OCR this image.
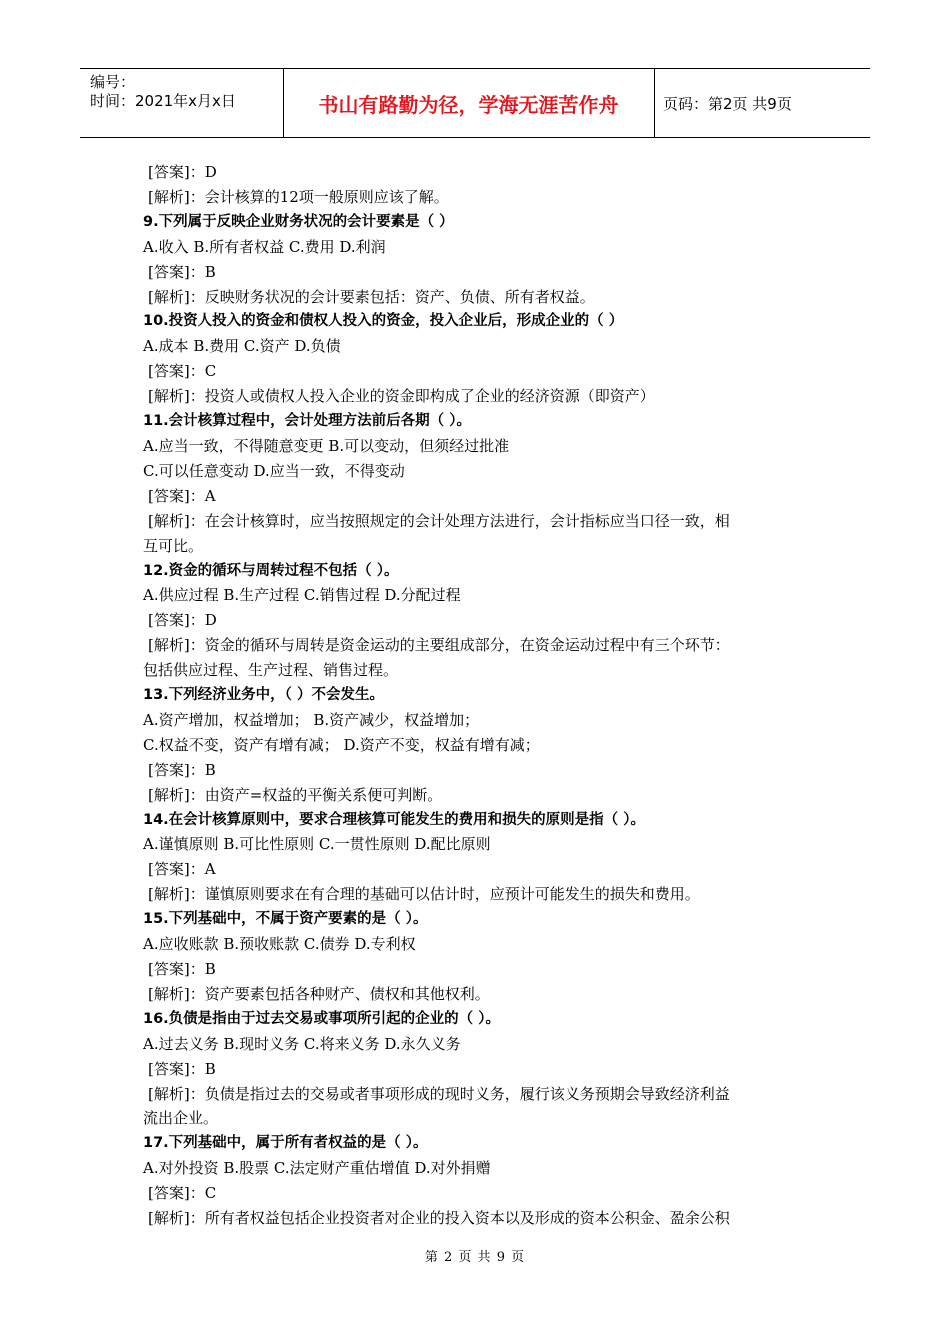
编号：
时间：2021年x月x日	书山有路勤为径，学海无涯苦作舟	页码：第2页 共9页
[答案]：D
[解析]：会计核算的12项一般原则应该了解。
9.下列属于反映企业财务状况的会计要素是（ ）
A.收入 B.所有者权益 C.费用 D.利润
[答案]：B
[解析]：反映财务状况的会计要素包括：资产、负债、所有者权益。
10.投资人投入的资金和债权人投入的资金，投入企业后，形成企业的（ ）
A.成本 B.费用 C.资产 D.负债
[答案]：C
[解析]：投资人或债权人投入企业的资金即构成了企业的经济资源（即资产）
11.会计核算过程中，会计处理方法前后各期（ ）。
A.应当一致，不得随意变更 B.可以变动，但须经过批准
C.可以任意变动 D.应当一致，不得变动
[答案]：A
[解析]：在会计核算时，应当按照规定的会计处理方法进行，会计指标应当口径一致，相
互可比。
12.资金的循环与周转过程不包括（ ）。
A.供应过程 B.生产过程 C.销售过程 D.分配过程
[答案]：D
[解析]：资金的循环与周转是资金运动的主要组成部分，在资金运动过程中有三个环节：
包括供应过程、生产过程、销售过程。
13.下列经济业务中，（ ）不会发生。
A.资产增加，权益增加； B.资产减少，权益增加；
C.权益不变，资产有增有减； D.资产不变，权益有增有减；
[答案]：B
[解析]：由资产=权益的平衡关系便可判断。
14.在会计核算原则中，要求合理核算可能发生的费用和损失的原则是指（ ）。
A.谨慎原则 B.可比性原则 C.一贯性原则 D.配比原则
[答案]：A
[解析]：谨慎原则要求在有合理的基础可以估计时，应预计可能发生的损失和费用。
15.下列基础中，不属于资产要素的是（ ）。
A.应收账款 B.预收账款 C.债券 D.专利权
[答案]：B
[解析]：资产要素包括各种财产、债权和其他权利。
16.负债是指由于过去交易或事项所引起的企业的（ ）。
A.过去义务 B.现时义务 C.将来义务 D.永久义务
[答案]：B
[解析]：负债是指过去的交易或者事项形成的现时义务，履行该义务预期会导致经济利益
流出企业。
17.下列基础中，属于所有者权益的是（ ）。
A.对外投资 B.股票 C.法定财产重估增值 D.对外捐赠
[答案]：C
[解析]：所有者权益包括企业投资者对企业的投入资本以及形成的资本公积金、盈余公积
第 2 页 共 9 页
